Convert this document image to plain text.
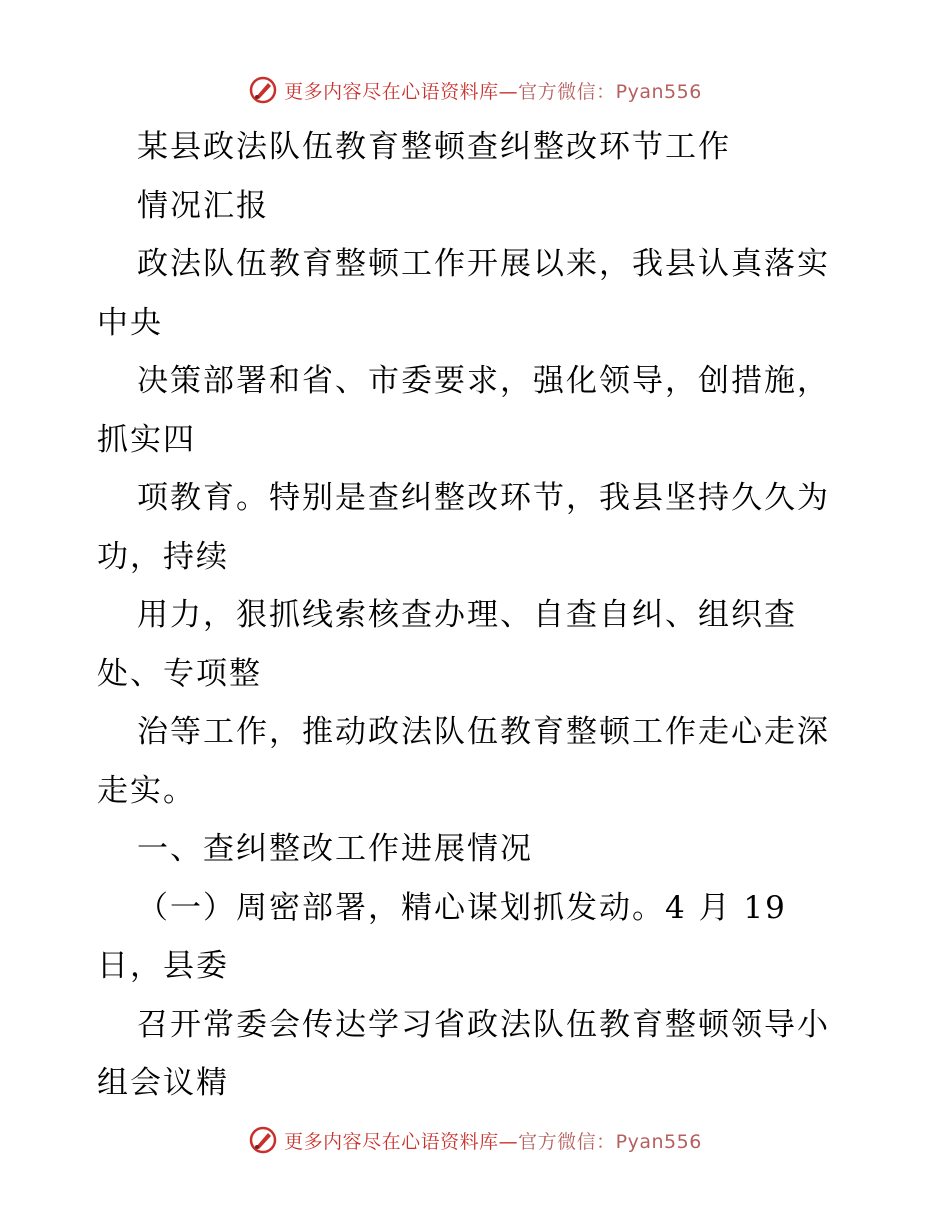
更多内容尽在心语资料库—官方微信：Pyan556
某县政法队伍教育整顿查纠整改环节工作
情况汇报
政法队伍教育整顿工作开展以来，我县认真落实
中央
决策部署和省、市委要求，强化领导，创措施，
抓实四
项教育。特别是查纠整改环节，我县坚持久久为
功，持续
用力，狠抓线索核查办理、自查自纠、组织查
处、专项整
治等工作，推动政法队伍教育整顿工作走心走深
走实。
一、查纠整改工作进展情况
（一）周密部署，精心谋划抓发动。4 月 19
日，县委
召开常委会传达学习省政法队伍教育整顿领导小
组会议精
更多内容尽在心语资料库—官方微信：Pyan556
